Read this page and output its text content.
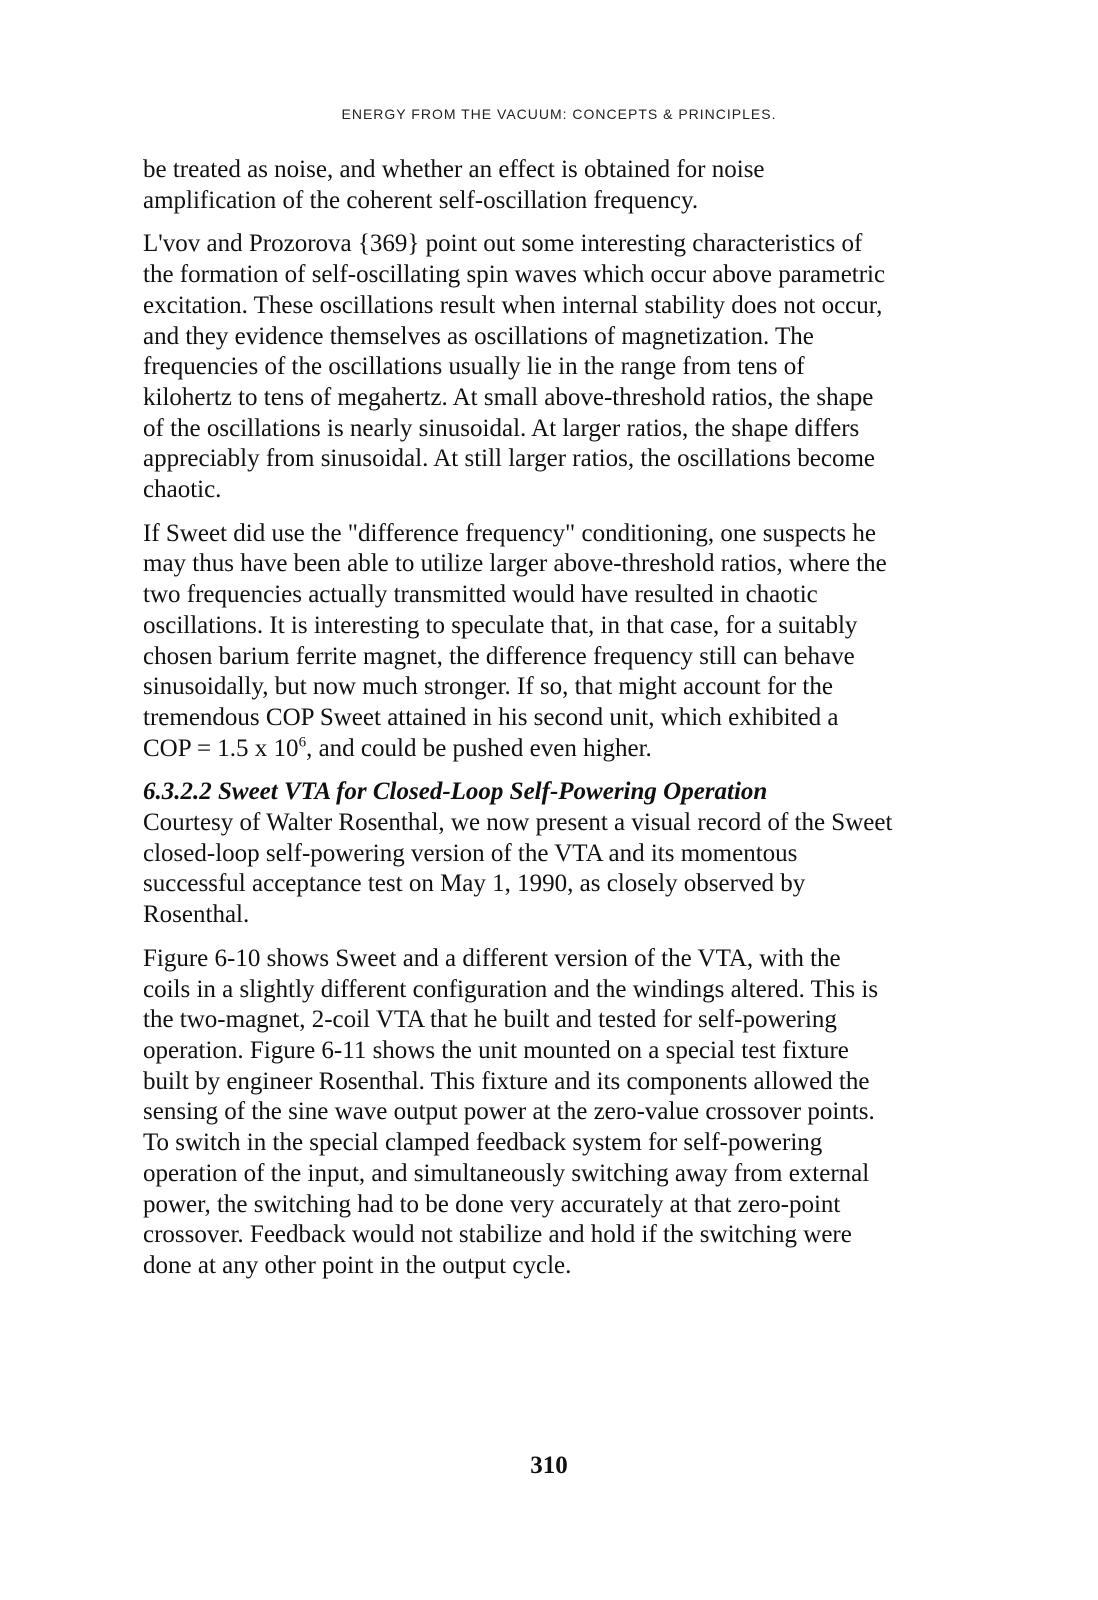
ENERGY FROM THE VACUUM: CONCEPTS & PRINCIPLES.

be treated as noise, and whether an effect is obtained for noise
amplification of the coherent self-oscillation frequency.

L'vov and Prozorova {369} point out some interesting characteristics of
the formation of self-oscillating spin waves which occur above parametric
excitation. These oscillations result when internal stability does not occur,
and they evidence themselves as oscillations of magnetization. The
frequencies of the oscillations usually lie in the range from tens of
kilohertz to tens of megahertz. At small above-threshold ratios, the shape
of the oscillations is nearly sinusoidal. At larger ratios, the shape differs
appreciably from sinusoidal. At still larger ratios, the oscillations become
chaotic.

If Sweet did use the "difference frequency" conditioning, one suspects he
may thus have been able to utilize larger above-threshold ratios, where the
two frequencies actually transmitted would have resulted in chaotic
oscillations. It is interesting to speculate that, in that case, for a suitably
chosen barium ferrite magnet, the difference frequency still can behave
sinusoidally, but now much stronger. If so, that might account for the
tremendous COP Sweet attained in his second unit, which exhibited a
COP = 1.5 x $10^6$, and could be pushed even higher.

6.3.2.2 Sweet VTA for Closed-Loop Self-Powering Operation

Courtesy of Walter Rosenthal, we now present a visual record of the Sweet
closed-loop self-powering version of the VTA and its momentous
successful acceptance test on May 1, 1990, as closely observed by
Rosenthal.

Figure 6-10 shows Sweet and a different version of the VTA, with the
coils in a slightly different configuration and the windings altered. This is
the two-magnet, 2-coil VTA that he built and tested for self-powering
operation. Figure 6-11 shows the unit mounted on a special test fixture
built by engineer Rosenthal. This fixture and its components allowed the
sensing of the sine wave output power at the zero-value crossover points.
To switch in the special clamped feedback system for self-powering
operation of the input, and simultaneously switching away from external
power, the switching had to be done very accurately at that zero-point
crossover. Feedback would not stabilize and hold if the switching were
done at any other point in the output cycle.

310
